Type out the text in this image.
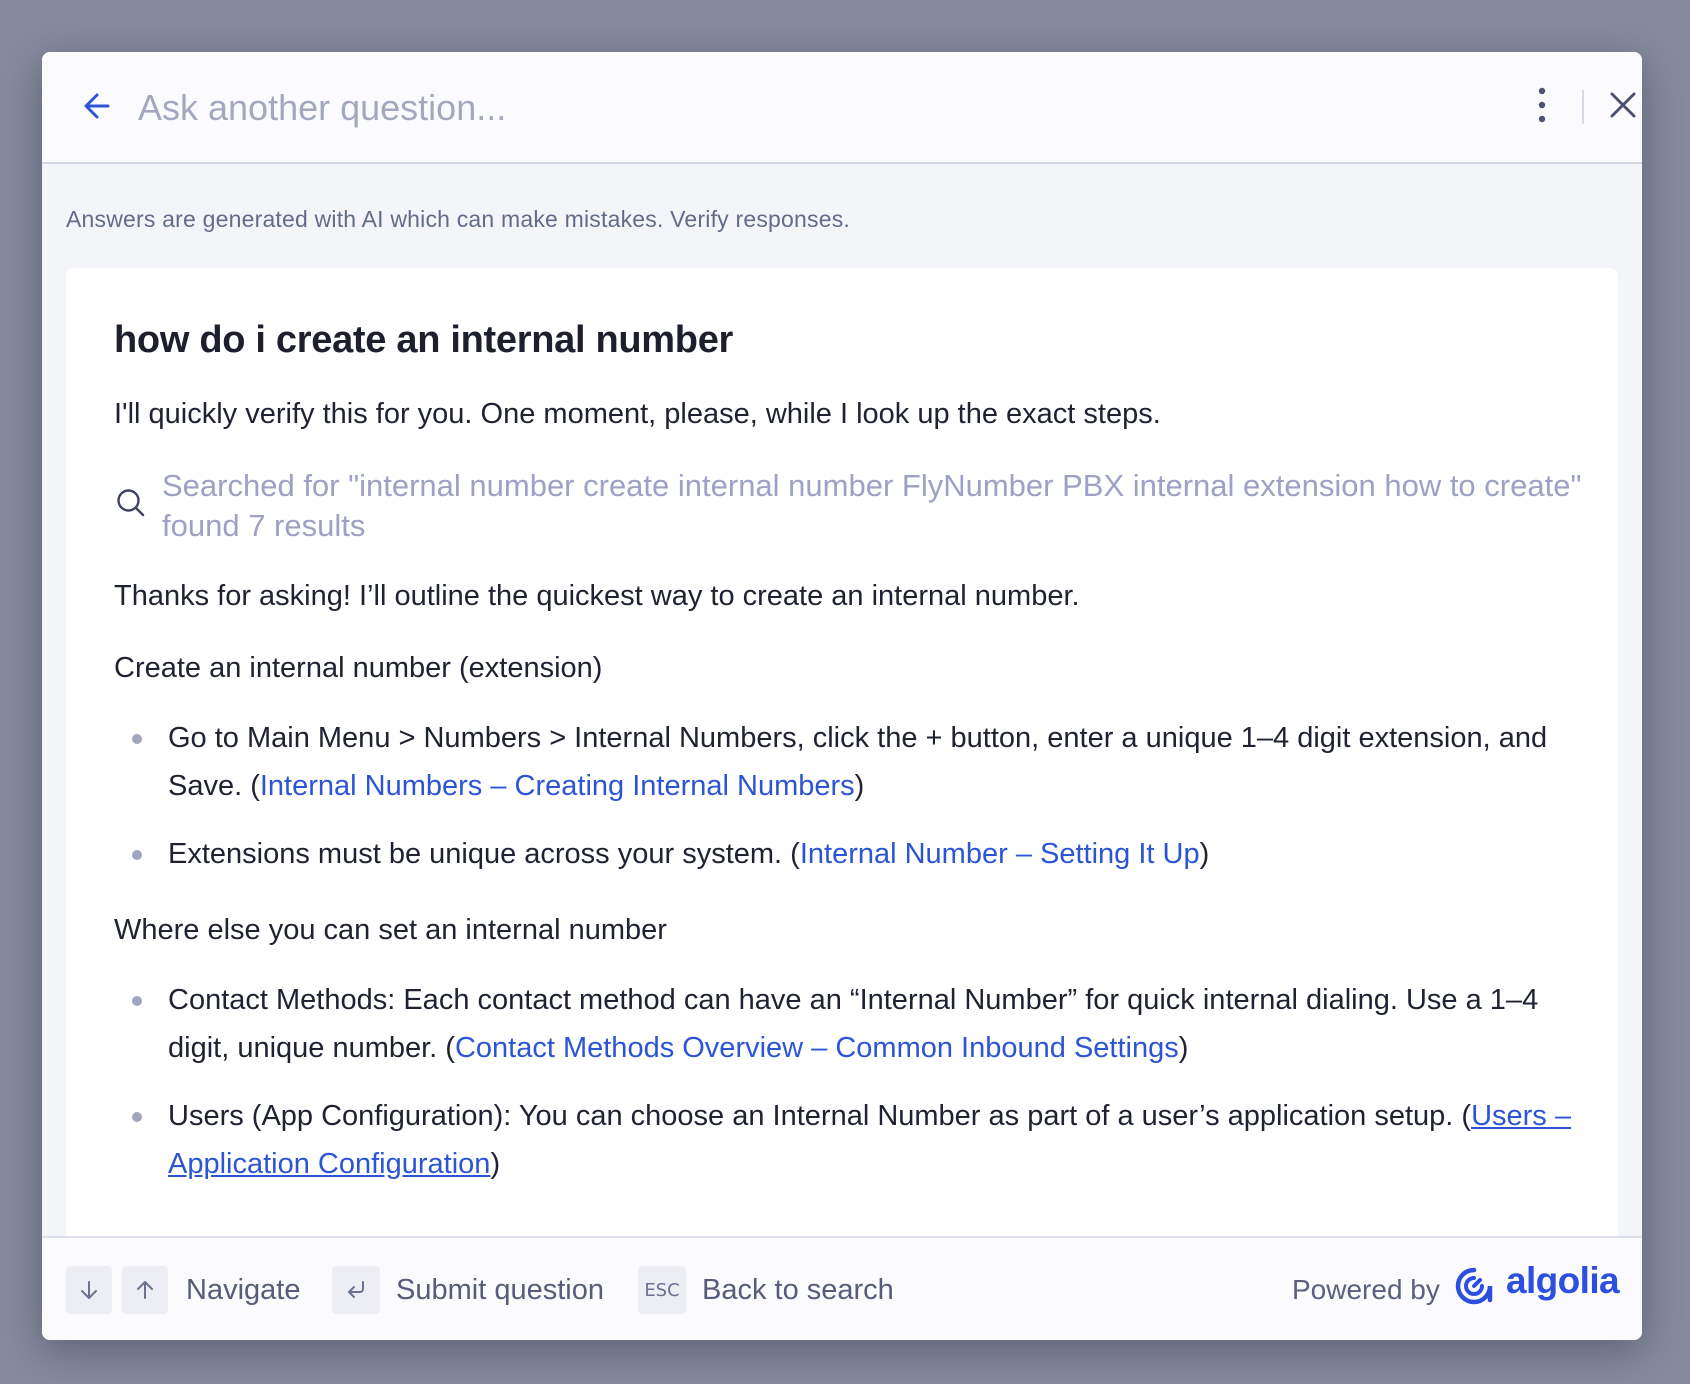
Ask another question...
Answers are generated with AI which can make mistakes. Verify responses.
how do i create an internal number

I'll quickly verify this for you. One moment, please, while I look up the exact steps.

Searched for "internal number create internal number FlyNumber PBX internal extension how to create" found 7 results

Thanks for asking! I’ll outline the quickest way to create an internal number.

Create an internal number (extension)

Go to Main Menu > Numbers > Internal Numbers, click the + button, enter a unique 1–4 digit extension, and Save. (Internal Numbers – Creating Internal Numbers)
Extensions must be unique across your system. (Internal Number – Setting It Up)

Where else you can set an internal number

Contact Methods: Each contact method can have an “Internal Number” for quick internal dialing. Use a 1–4 digit, unique number. (Contact Methods Overview – Common Inbound Settings)
Users (App Configuration): You can choose an Internal Number as part of a user’s application setup. (Users – Application Configuration)
Navigate	Submit question	ESC Back to search	Powered by algolia
